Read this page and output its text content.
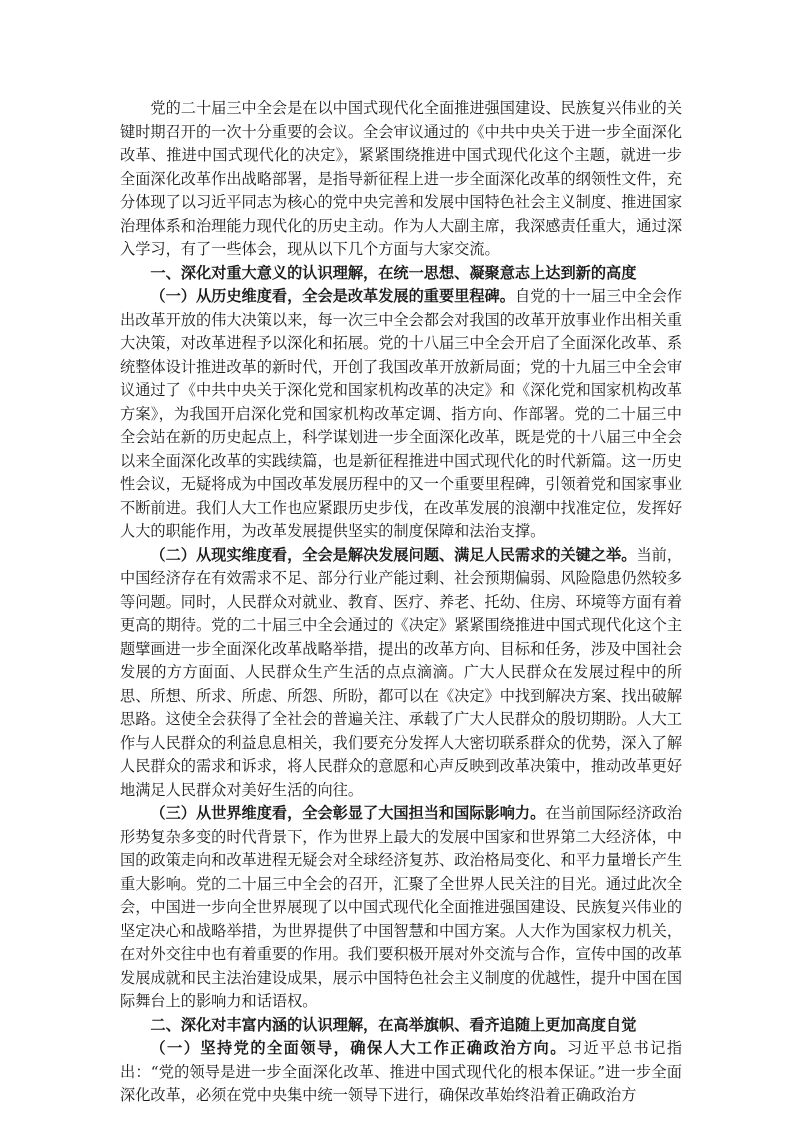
党的二十届三中全会是在以中国式现代化全面推进强国建设、民族复兴伟业的关键时期召开的一次十分重要的会议。全会审议通过的《中共中央关于进一步全面深化改革、推进中国式现代化的决定》，紧紧围绕推进中国式现代化这个主题，就进一步全面深化改革作出战略部署，是指导新征程上进一步全面深化改革的纲领性文件，充分体现了以习近平同志为核心的党中央完善和发展中国特色社会主义制度、推进国家治理体系和治理能力现代化的历史主动。作为人大副主席，我深感责任重大，通过深入学习，有了一些体会，现从以下几个方面与大家交流。

一、深化对重大意义的认识理解，在统一思想、凝聚意志上达到新的高度

（一）从历史维度看，全会是改革发展的重要里程碑。自党的十一届三中全会作出改革开放的伟大决策以来，每一次三中全会都会对我国的改革开放事业作出相关重大决策，对改革进程予以深化和拓展。党的十八届三中全会开启了全面深化改革、系统整体设计推进改革的新时代，开创了我国改革开放新局面；党的十九届三中全会审议通过了《中共中央关于深化党和国家机构改革的决定》和《深化党和国家机构改革方案》，为我国开启深化党和国家机构改革定调、指方向、作部署。党的二十届三中全会站在新的历史起点上，科学谋划进一步全面深化改革，既是党的十八届三中全会以来全面深化改革的实践续篇，也是新征程推进中国式现代化的时代新篇。这一历史性会议，无疑将成为中国改革发展历程中的又一个重要里程碑，引领着党和国家事业不断前进。我们人大工作也应紧跟历史步伐，在改革发展的浪潮中找准定位，发挥好人大的职能作用，为改革发展提供坚实的制度保障和法治支撑。

（二）从现实维度看，全会是解决发展问题、满足人民需求的关键之举。当前，中国经济存在有效需求不足、部分行业产能过剩、社会预期偏弱、风险隐患仍然较多等问题。同时，人民群众对就业、教育、医疗、养老、托幼、住房、环境等方面有着更高的期待。党的二十届三中全会通过的《决定》紧紧围绕推进中国式现代化这个主题擘画进一步全面深化改革战略举措，提出的改革方向、目标和任务，涉及中国社会发展的方方面面、人民群众生产生活的点点滴滴。广大人民群众在发展过程中的所思、所想、所求、所虑、所怨、所盼，都可以在《决定》中找到解决方案、找出破解思路。这使全会获得了全社会的普遍关注、承载了广大人民群众的殷切期盼。人大工作与人民群众的利益息息相关，我们要充分发挥人大密切联系群众的优势，深入了解人民群众的需求和诉求，将人民群众的意愿和心声反映到改革决策中，推动改革更好地满足人民群众对美好生活的向往。

（三）从世界维度看，全会彰显了大国担当和国际影响力。在当前国际经济政治形势复杂多变的时代背景下，作为世界上最大的发展中国家和世界第二大经济体，中国的政策走向和改革进程无疑会对全球经济复苏、政治格局变化、和平力量增长产生重大影响。党的二十届三中全会的召开，汇聚了全世界人民关注的目光。通过此次全会，中国进一步向全世界展现了以中国式现代化全面推进强国建设、民族复兴伟业的坚定决心和战略举措，为世界提供了中国智慧和中国方案。人大作为国家权力机关，在对外交往中也有着重要的作用。我们要积极开展对外交流与合作，宣传中国的改革发展成就和民主法治建设成果，展示中国特色社会主义制度的优越性，提升中国在国际舞台上的影响力和话语权。

二、深化对丰富内涵的认识理解，在高举旗帜、看齐追随上更加高度自觉

（一）坚持党的全面领导，确保人大工作正确政治方向。习近平总书记指出：“党的领导是进一步全面深化改革、推进中国式现代化的根本保证。”进一步全面深化改革，必须在党中央集中统一领导下进行，确保改革始终沿着正确政治方
